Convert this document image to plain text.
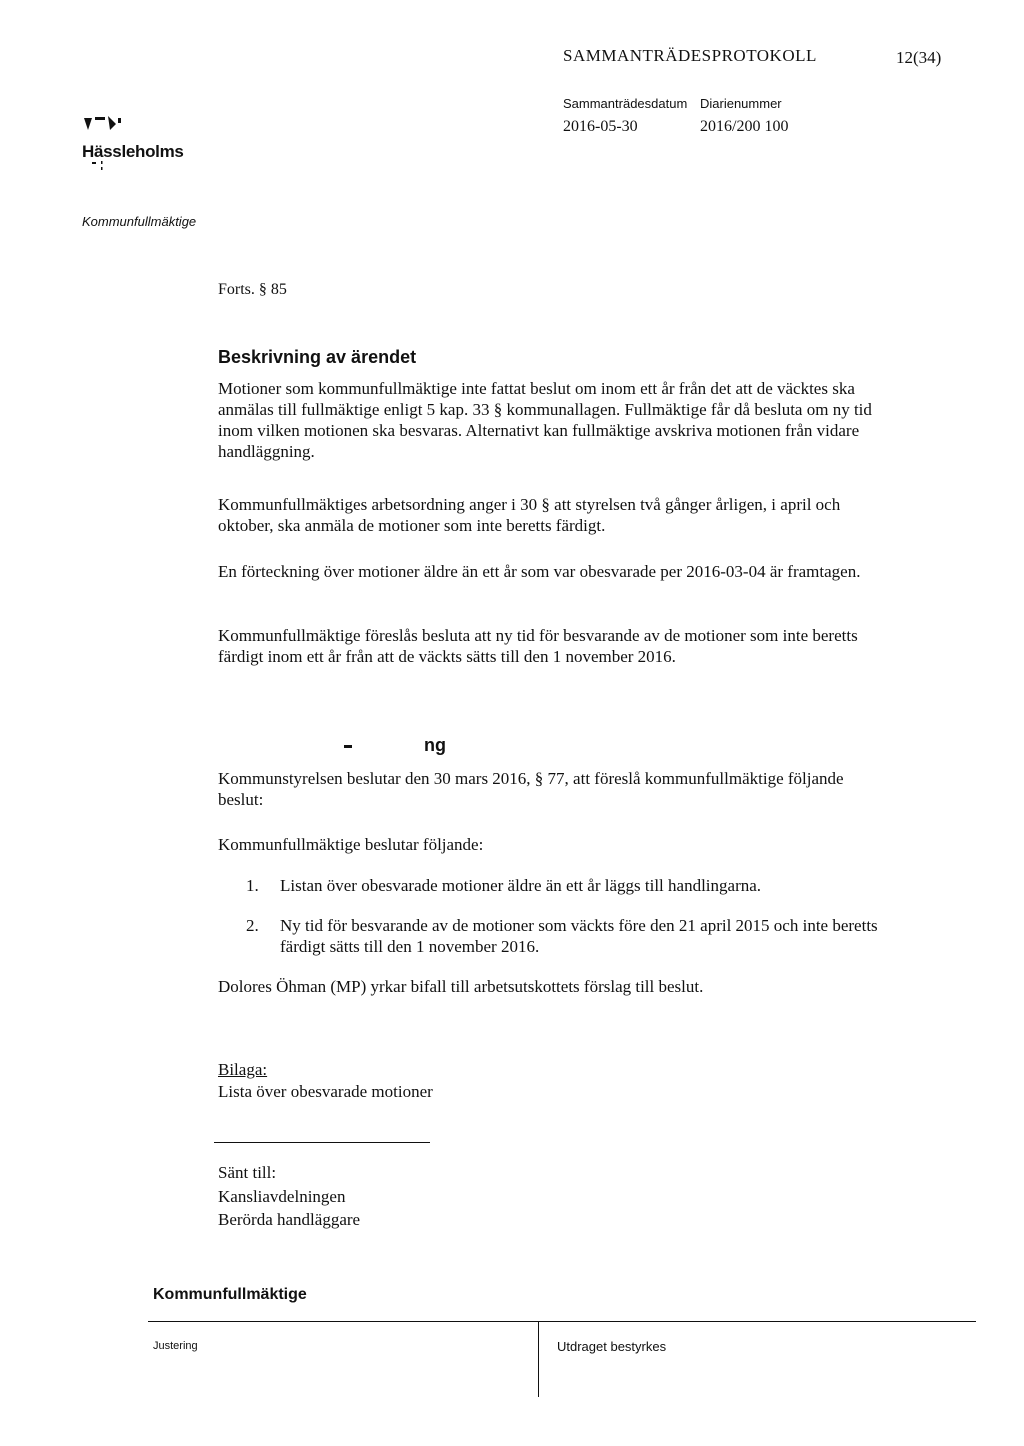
SAMMANTRÄDESPROTOKOLL	12(34)
Hässleholms
Sammanträdesdatum
2016-05-30
Diarienummer
2016/200 100
Kommunfullmäktige
Forts. § 85
Beskrivning av ärendet
Motioner som kommunfullmäktige inte fattat beslut om inom ett år från det att de väcktes ska anmälas till fullmäktige enligt 5 kap. 33 § kommunallagen. Fullmäktige får då besluta om ny tid inom vilken motionen ska besvaras. Alternativt kan fullmäktige avskriva motionen från vidare handläggning.
Kommunfullmäktiges arbetsordning anger i 30 § att styrelsen två gånger årligen, i april och oktober, ska anmäla de motioner som inte beretts färdigt.
En förteckning över motioner äldre än ett år som var obesvarade per 2016-03-04 är framtagen.
Kommunfullmäktige föreslås besluta att ny tid för besvarande av de motioner som inte beretts färdigt inom ett år från att de väckts sätts till den 1 november 2016.
ng
Kommunstyrelsen beslutar den 30 mars 2016, § 77, att föreslå kommunfullmäktige följande beslut:
Kommunfullmäktige beslutar följande:
1. Listan över obesvarade motioner äldre än ett år läggs till handlingarna.
2. Ny tid för besvarande av de motioner som väckts före den 21 april 2015 och inte beretts färdigt sätts till den 1 november 2016.
Dolores Öhman (MP) yrkar bifall till arbetsutskottets förslag till beslut.
Bilaga:
Lista över obesvarade motioner
Sänt till:
Kansliavdelningen
Berörda handläggare
Kommunfullmäktige
Justering	Utdraget bestyrkes
